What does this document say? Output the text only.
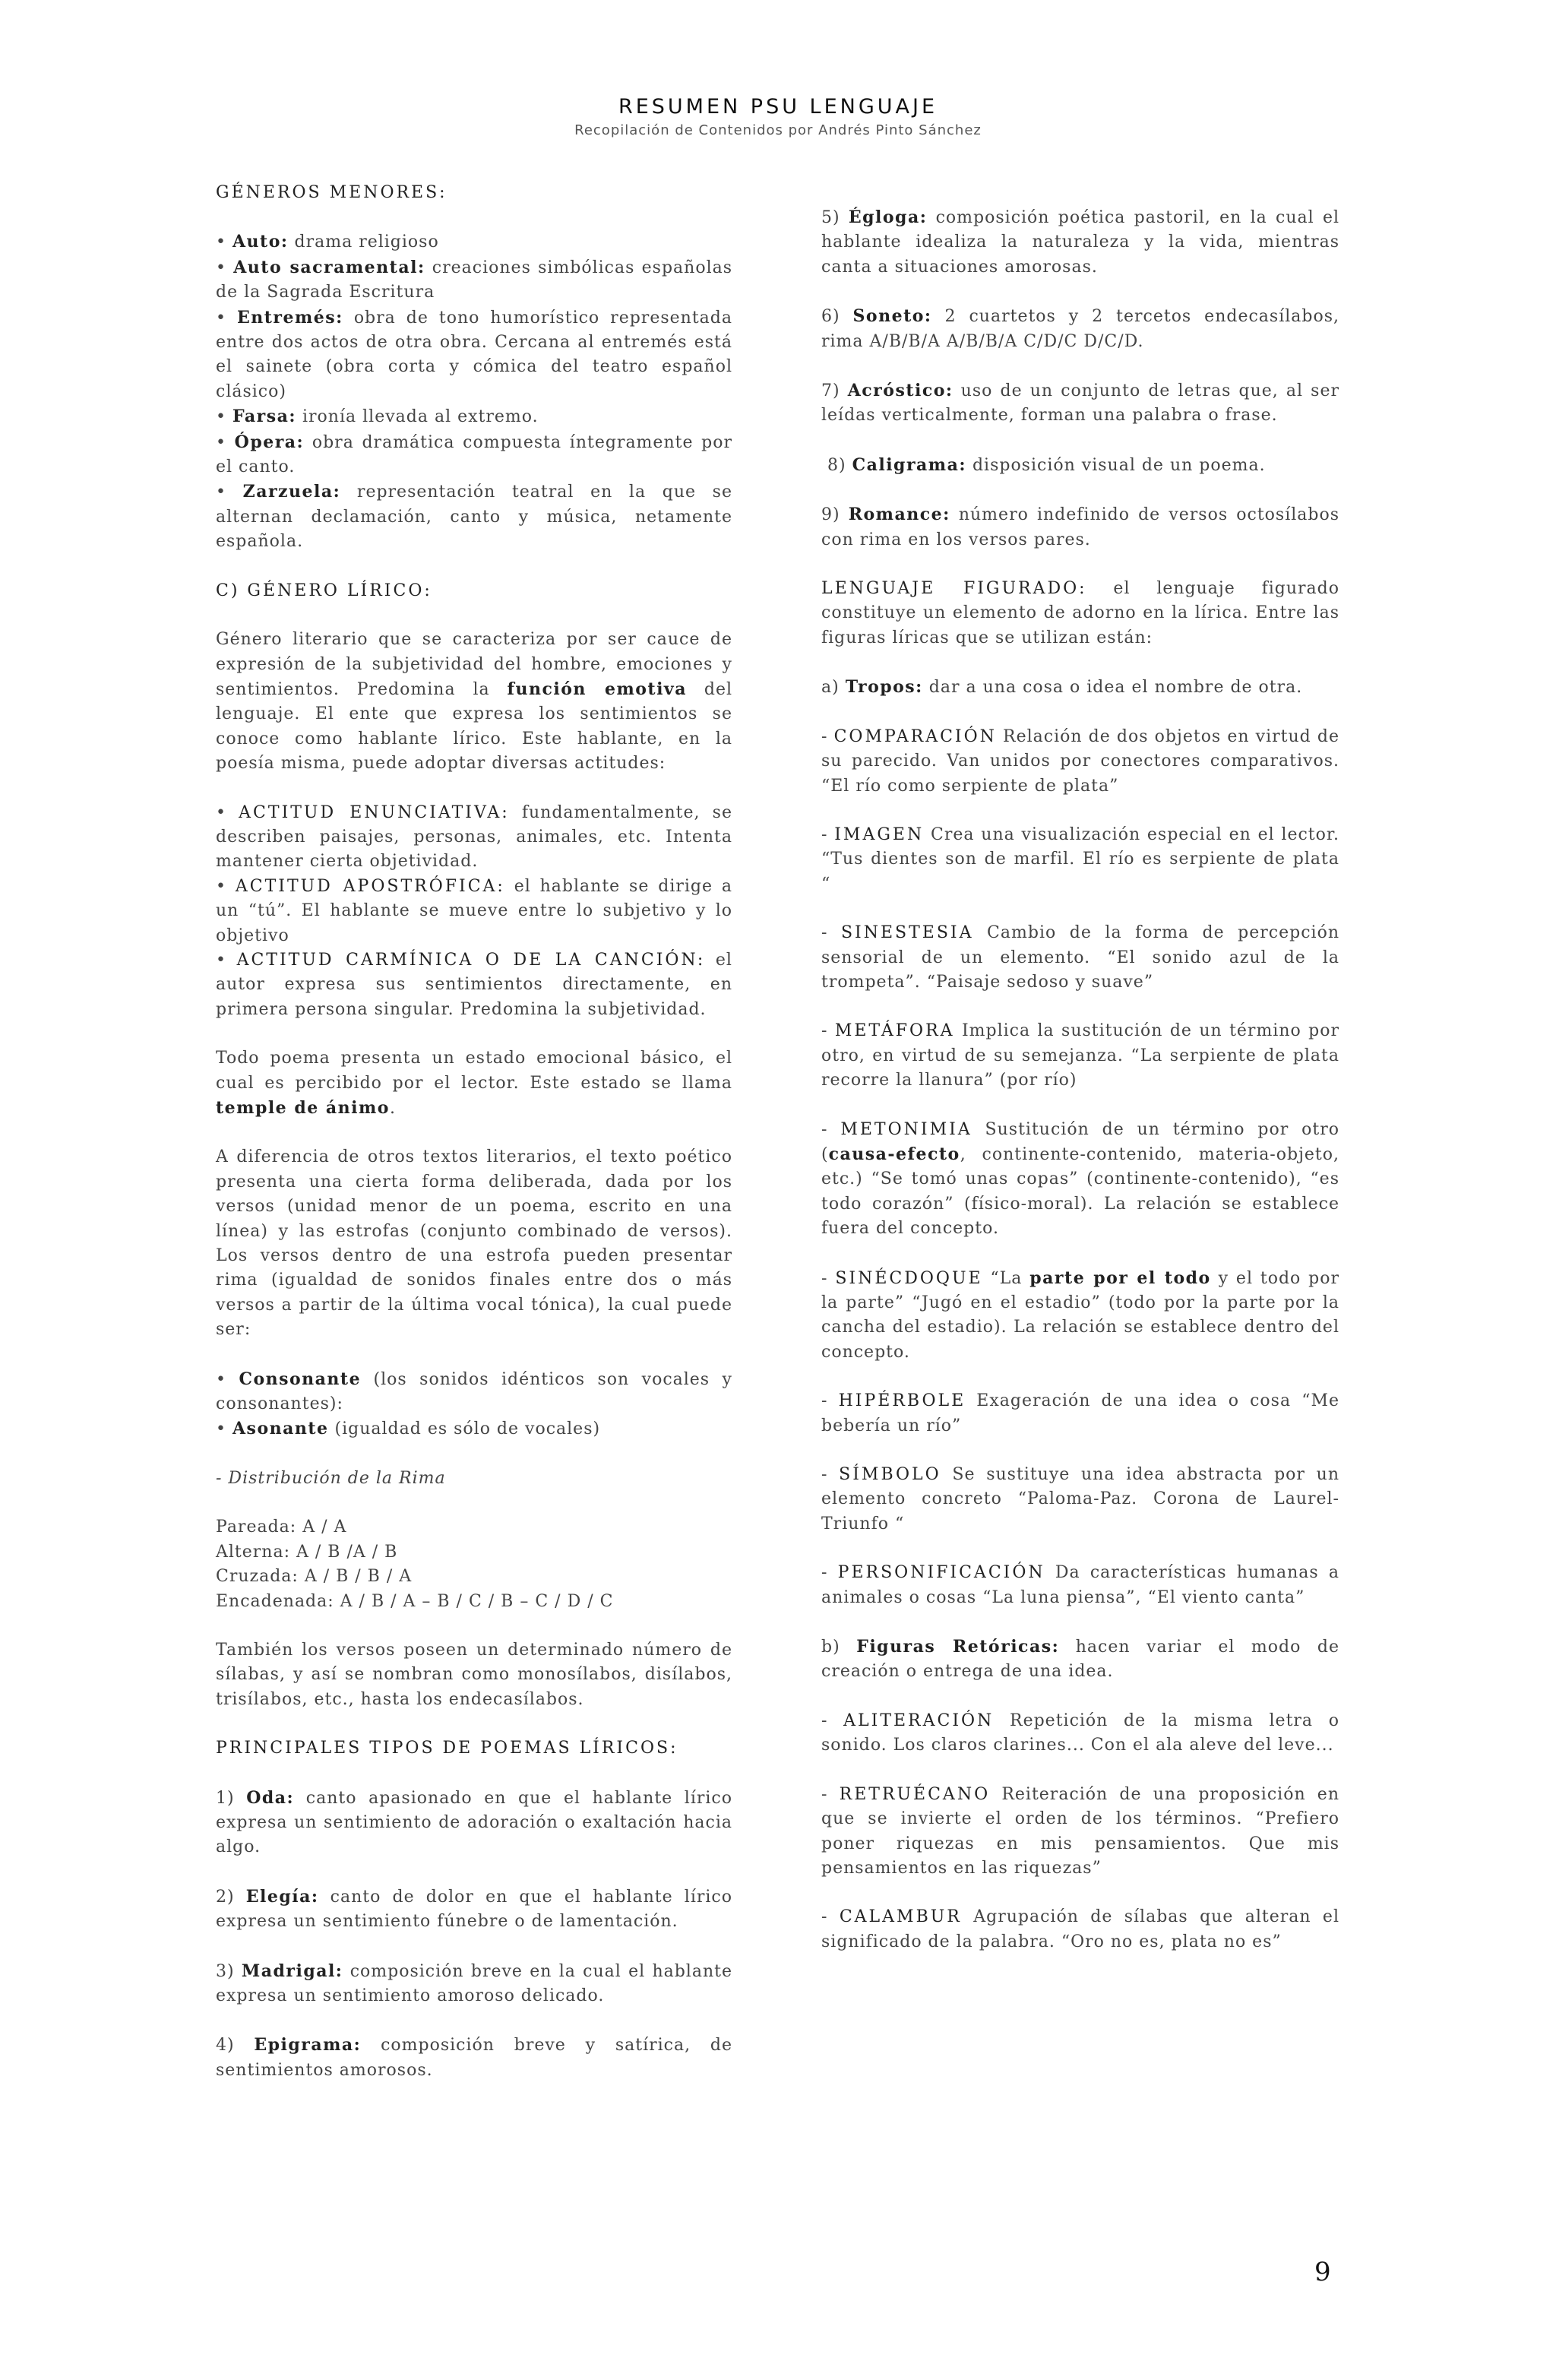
RESUMEN PSU LENGUAJE
Recopilación de Contenidos por Andrés Pinto Sánchez

GÉNEROS MENORES:

• Auto: drama religioso

• Auto sacramental: creaciones simbólicas españolas de la Sagrada Escritura

• Entremés: obra de tono humorístico representada entre dos actos de otra obra. Cercana al entremés está el sainete (obra corta y cómica del teatro español clásico)

• Farsa: ironía llevada al extremo.

• Ópera: obra dramática compuesta íntegramente por el canto.

• Zarzuela: representación teatral en la que se alternan declamación, canto y música, netamente española.

C) GÉNERO LÍRICO:

Género literario que se caracteriza por ser cauce de expresión de la subjetividad del hombre, emociones y sentimientos. Predomina la función emotiva del lenguaje. El ente que expresa los sentimientos se conoce como hablante lírico. Este hablante, en la poesía misma, puede adoptar diversas actitudes:

• ACTITUD ENUNCIATIVA: fundamentalmente, se describen paisajes, personas, animales, etc. Intenta mantener cierta objetividad.

• ACTITUD APOSTRÓFICA: el hablante se dirige a un “tú”. El hablante se mueve entre lo subjetivo y lo objetivo

• ACTITUD CARMÍNICA O DE LA CANCIÓN: el autor expresa sus sentimientos directamente, en primera persona singular. Predomina la subjetividad.

Todo poema presenta un estado emocional básico, el cual es percibido por el lector. Este estado se llama temple de ánimo.

A diferencia de otros textos literarios, el texto poético presenta una cierta forma deliberada, dada por los versos (unidad menor de un poema, escrito en una línea) y las estrofas (conjunto combinado de versos). Los versos dentro de una estrofa pueden presentar rima (igualdad de sonidos finales entre dos o más versos a partir de la última vocal tónica), la cual puede ser:

• Consonante (los sonidos idénticos son vocales y consonantes):

• Asonante (igualdad es sólo de vocales)

- Distribución de la Rima

Pareada: A / A

Alterna: A / B /A / B

Cruzada: A / B / B / A

Encadenada: A / B / A – B / C / B – C / D / C

También los versos poseen un determinado número de sílabas, y así se nombran como monosílabos, disílabos, trisílabos, etc., hasta los endecasílabos.

PRINCIPALES TIPOS DE POEMAS LÍRICOS:

1) Oda: canto apasionado en que el hablante lírico expresa un sentimiento de adoración o exaltación hacia algo.

2) Elegía: canto de dolor en que el hablante lírico expresa un sentimiento fúnebre o de lamentación.

3) Madrigal: composición breve en la cual el hablante expresa un sentimiento amoroso delicado.

4) Epigrama: composición breve y satírica, de sentimientos amorosos.

5) Égloga: composición poética pastoril, en la cual el hablante idealiza la naturaleza y la vida, mientras canta a situaciones amorosas.

6) Soneto: 2 cuartetos y 2 tercetos endecasílabos, rima A/B/B/A A/B/B/A C/D/C D/C/D.

7) Acróstico: uso de un conjunto de letras que, al ser leídas verticalmente, forman una palabra o frase.

8) Caligrama: disposición visual de un poema.

9) Romance: número indefinido de versos octosílabos con rima en los versos pares.

LENGUAJE FIGURADO: el lenguaje figurado constituye un elemento de adorno en la lírica. Entre las figuras líricas que se utilizan están:

a) Tropos: dar a una cosa o idea el nombre de otra.

- COMPARACIÓN Relación de dos objetos en virtud de su parecido. Van unidos por conectores comparativos. “El río como serpiente de plata”

- IMAGEN Crea una visualización especial en el lector. “Tus dientes son de marfil. El río es serpiente de plata “

- SINESTESIA Cambio de la forma de percepción sensorial de un elemento. “El sonido azul de la trompeta”. “Paisaje sedoso y suave”

- METÁFORA Implica la sustitución de un término por otro, en virtud de su semejanza. “La serpiente de plata recorre la llanura” (por río)

- METONIMIA Sustitución de un término por otro (causa-efecto, continente-contenido, materia-objeto, etc.) “Se tomó unas copas” (continente-contenido), “es todo corazón” (físico-moral). La relación se establece fuera del concepto.

- SINÉCDOQUE “La parte por el todo y el todo por la parte” “Jugó en el estadio” (todo por la parte por la cancha del estadio). La relación se establece dentro del concepto.

- HIPÉRBOLE Exageración de una idea o cosa “Me bebería un río”

- SÍMBOLO Se sustituye una idea abstracta por un elemento concreto “Paloma-Paz. Corona de Laurel-Triunfo “

- PERSONIFICACIÓN Da características humanas a animales o cosas “La luna piensa”, “El viento canta”

b) Figuras Retóricas: hacen variar el modo de creación o entrega de una idea.

- ALITERACIÓN Repetición de la misma letra o sonido. Los claros clarines... Con el ala aleve del leve...

- RETRUÉCANO Reiteración de una proposición en que se invierte el orden de los términos. “Prefiero poner riquezas en mis pensamientos. Que mis pensamientos en las riquezas”

- CALAMBUR Agrupación de sílabas que alteran el significado de la palabra. “Oro no es, plata no es”

9
